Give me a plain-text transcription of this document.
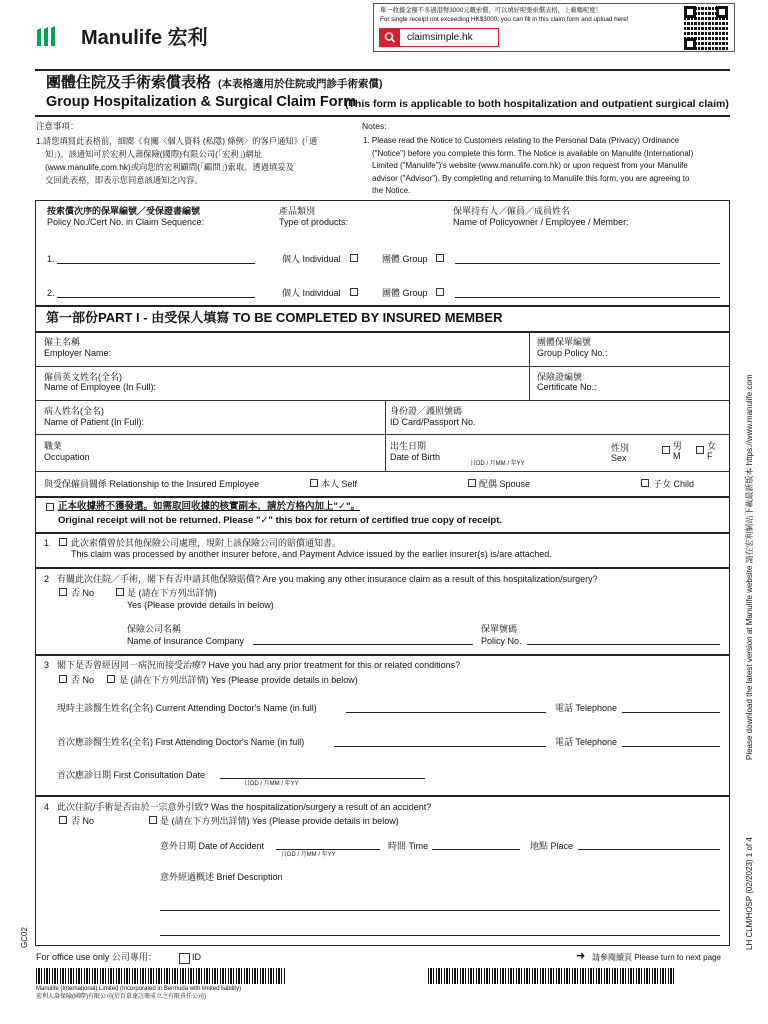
Manulife 宏利
單一收據金額不多過港幣3000元嘅索償，可以填好呢張索償表格，上載喺呢度！
For single receipt not exceeding HK$3000, you can fill in this claim form and upload here!
claimsimple.hk
團體住院及手術索償表格 (本表格適用於住院或門診手術索償)
Group Hospitalization & Surgical Claim Form
(This form is applicable to both hospitalization and outpatient surgical claim)
注意事項：
1.請您填寫此表格前，細閱《有關〈個人資料 (私隱) 條例〉的客戶通知》(「通
知」)。該通知可於宏利人壽保險(國際)有限公司(「宏利」)網址
(www.manulife.com.hk)或向您的宏利顧問(「顧問」)索取。透過填妥及
交回此表格，即表示您同意該通知之內容。
Notes:
1. Please read the Notice to Customers relating to the Personal Data (Privacy) Ordinance
("Notice") before you complete this form. The Notice is available on Manulife (International)
Limited ("Manulife")'s website (www.manulife.com.hk) or upon request from your Manulife
advisor ("Advisor"). By completing and returning to Manulife this form, you are agreeing to
the Notice.
按索償次序的保單編號／受保證書編號
Policy No./Cert No. in Claim Sequence:
產品類別
Type of products:
保單持有人／僱員／成員姓名
Name of Policyowner / Employee / Member:
1.	個人 Individual	團體 Group
2.	個人 Individual	團體 Group
第一部份PART I - 由受保人填寫 TO BE COMPLETED BY INSURED MEMBER
僱主名稱
Employer Name:
團體保單編號
Group Policy No.:
僱員英文姓名(全名)
Name of Employee (In Full):
保險證編號
Certificate No.:
病人姓名(全名)
Name of Patient (In Full):
身份證／護照號碼
ID Card/Passport No.
職業
Occupation
出生日期
Date of Birth
日DD / 月MM / 年YY
性別
Sex
男 M
女 F
與受保僱員關係 Relationship to the Insured Employee	本人 Self	配偶 Spouse	子女 Child
正本收據將不獲發還。如需取回收據的核實副本，請於方格內加上"✓"。
Original receipt will not be returned. Please "✓" this box for return of certified true copy of receipt.
1 此次索償曾於其他保險公司處理，現附上該保險公司的賠償通知書。
This claim was processed by another insurer before, and Payment Advice issued by the earlier insurer(s) is/are attached.
2 有關此次住院／手術，閣下有否申請其他保險賠償? Are you making any other insurance claim as a result of this hospitalization/surgery?
否 No	是 (請在下方列出詳情)
Yes (Please provide details in below)
保險公司名稱
Name of Insurance Company
保單號碼
Policy No.
3 閣下是否曾經因同一病況而接受治療? Have you had any prior treatment for this or related conditions?
否 No	是 (請在下方列出詳情) Yes (Please provide details in below)
現時主診醫生姓名(全名) Current Attending Doctor's Name (in full)	電話 Telephone
首次應診醫生姓名(全名) First Attending Doctor's Name (in full)	電話 Telephone
首次應診日期 First Consultation Date
日DD / 月MM / 年YY
4 此次住院/手術是否由於一宗意外引致? Was the hospitalization/surgery a result of an accident?
否 No	是 (請在下方列出詳情) Yes (Please provide details in below)
意外日期 Date of Accident
日DD / 月MM / 年YY
時間 Time	地點 Place
意外經過概述 Brief Description
Please download the latest version at Manulife website 請在宏利網站下載最新版本 https://www.manulife.com
LH CLM/HOSP (02/2023) 1 of 4
GC02
For office use only 公司專用：	ID	➜ 請參閱續頁 Please turn to next page
Manulife (International) Limited (Incorporated in Bermuda with limited liability)
宏利人壽保險(國際)有限公司(於百慕達註冊成立之有限責任公司)
